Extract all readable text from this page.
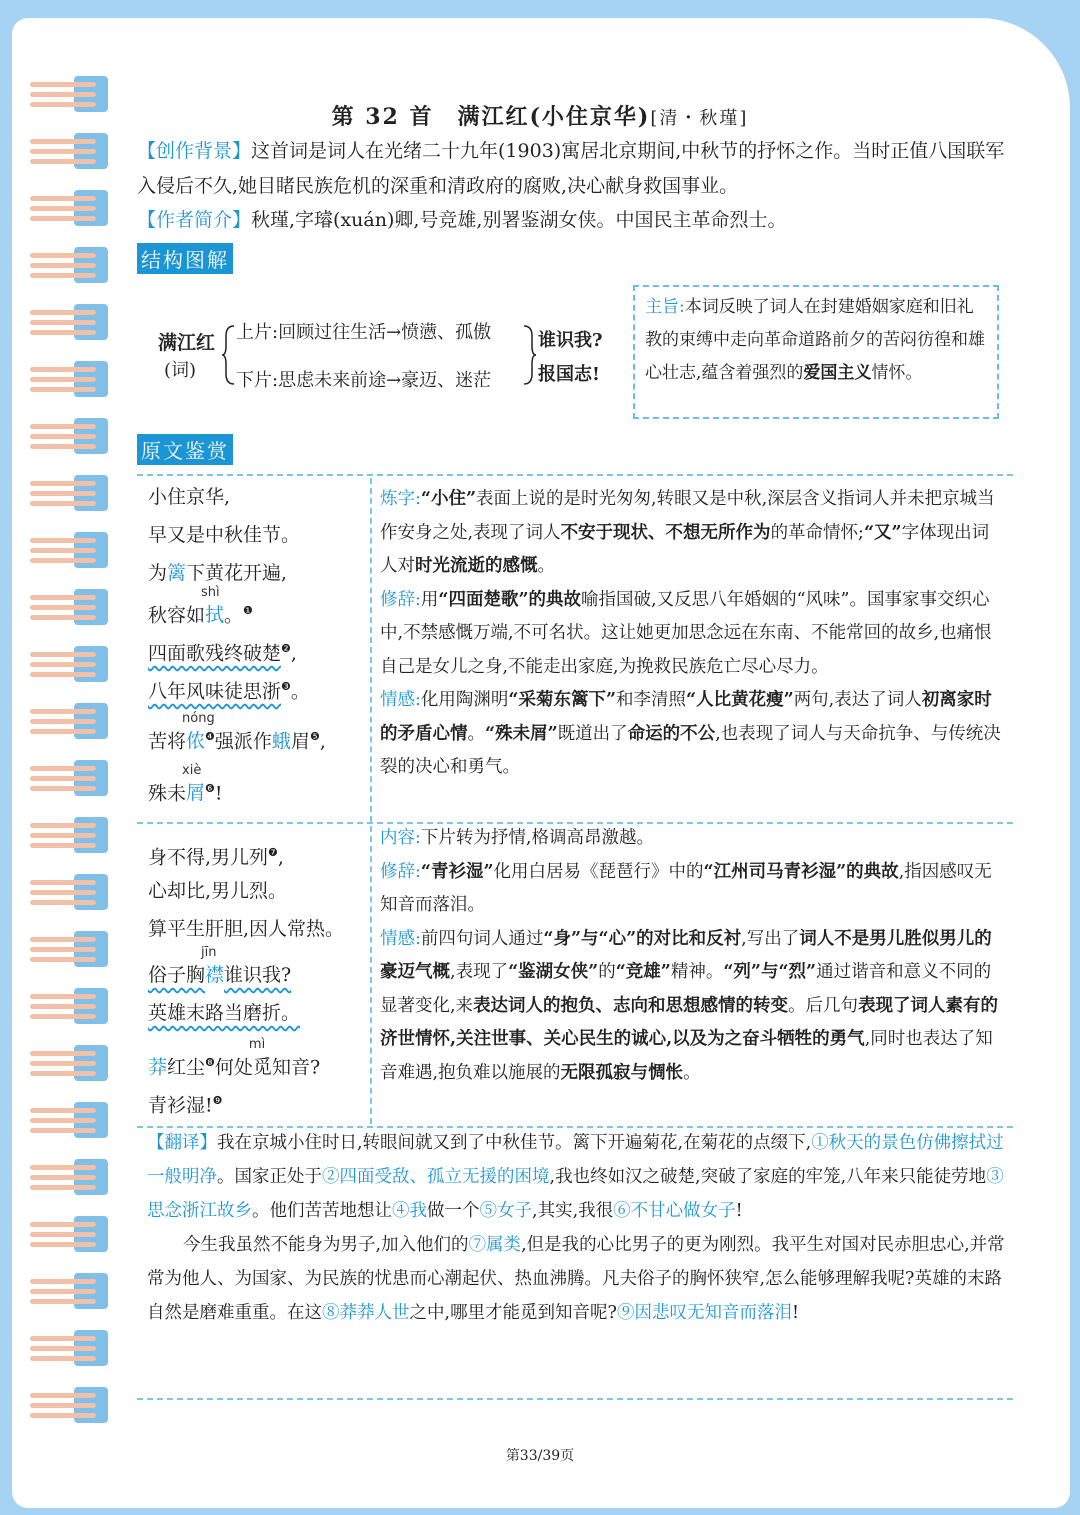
第 32 首　满江红(小住京华)[清・秋瑾]
【创作背景】这首词是词人在光绪二十九年(1903)寓居北京期间,中秋节的抒怀之作。当时正值八国联军入侵后不久,她目睹民族危机的深重和清政府的腐败,决心献身救国事业。
【作者简介】秋瑾,字璿(xuán)卿,号竞雄,别署鉴湖女侠。中国民主革命烈士。
结构图解
满江红
(词)
上片:回顾过往生活→愤懑、孤傲
下片:思虑未来前途→豪迈、迷茫
谁识我?
报国志!
主旨:本词反映了词人在封建婚姻家庭和旧礼教的束缚中走向革命道路前夕的苦闷彷徨和雄心壮志,蕴含着强烈的爱国主义情怀。
原文鉴赏
小住京华,
早又是中秋佳节。
为篱下黄花开遍,
秋容如
shì
拭。$^❶$
四面歌残终破楚$^❷$,
八年风味徒思浙$^❸$。
苦将
nóng
侬$^❹$强派作蛾眉$^❺$,
殊未
xiè
屑$^❻$!
身不得,男儿列$^❼$,
心却比,男儿烈。
算平生肝胆,因人常热。
俗子胸
jīn
襟谁识我?
英雄末路当磨折。
莽红尘$^❽$何处
mì
觅知音?
青衫湿!$^❾$
炼字:“小住”表面上说的是时光匆匆,转眼又是中秋,深层含义指词人并未把京城当作安身之处,表现了词人不安于现状、不想无所作为的革命情怀;“又”字体现出词人对时光流逝的感慨。
修辞:用“四面楚歌”的典故喻指国破,又反思八年婚姻的“风味”。国事家事交织心中,不禁感慨万端,不可名状。这让她更加思念远在东南、不能常回的故乡,也痛恨自己是女儿之身,不能走出家庭,为挽救民族危亡尽心尽力。
情感:化用陶渊明“采菊东篱下”和李清照“人比黄花瘦”两句,表达了词人初离家时的矛盾心情。“殊未屑”既道出了命运的不公,也表现了词人与天命抗争、与传统决裂的决心和勇气。
内容:下片转为抒情,格调高昂激越。
修辞:“青衫湿”化用白居易《琵琶行》中的“江州司马青衫湿”的典故,指因感叹无知音而落泪。
情感:前四句词人通过“身”与“心”的对比和反衬,写出了词人不是男儿胜似男儿的豪迈气概,表现了“鉴湖女侠”的“竞雄”精神。“列”与“烈”通过谐音和意义不同的显著变化,来表达词人的抱负、志向和思想感情的转变。后几句表现了词人素有的济世情怀,关注世事、关心民生的诚心,以及为之奋斗牺牲的勇气,同时也表达了知音难遇,抱负难以施展的无限孤寂与惆怅。
【翻译】我在京城小住时日,转眼间就又到了中秋佳节。篱下开遍菊花,在菊花的点缀下,①秋天的景色仿佛擦拭过一般明净。国家正处于②四面受敌、孤立无援的困境,我也终如汉之破楚,突破了家庭的牢笼,八年来只能徒劳地③思念浙江故乡。他们苦苦地想让④我做一个⑤女子,其实,我很⑥不甘心做女子!
今生我虽然不能身为男子,加入他们的⑦属类,但是我的心比男子的更为刚烈。我平生对国对民赤胆忠心,并常常为他人、为国家、为民族的忧患而心潮起伏、热血沸腾。凡夫俗子的胸怀狭窄,怎么能够理解我呢?英雄的末路自然是磨难重重。在这⑧莽莽人世之中,哪里才能觅到知音呢?⑨因悲叹无知音而落泪!
第33/39页
